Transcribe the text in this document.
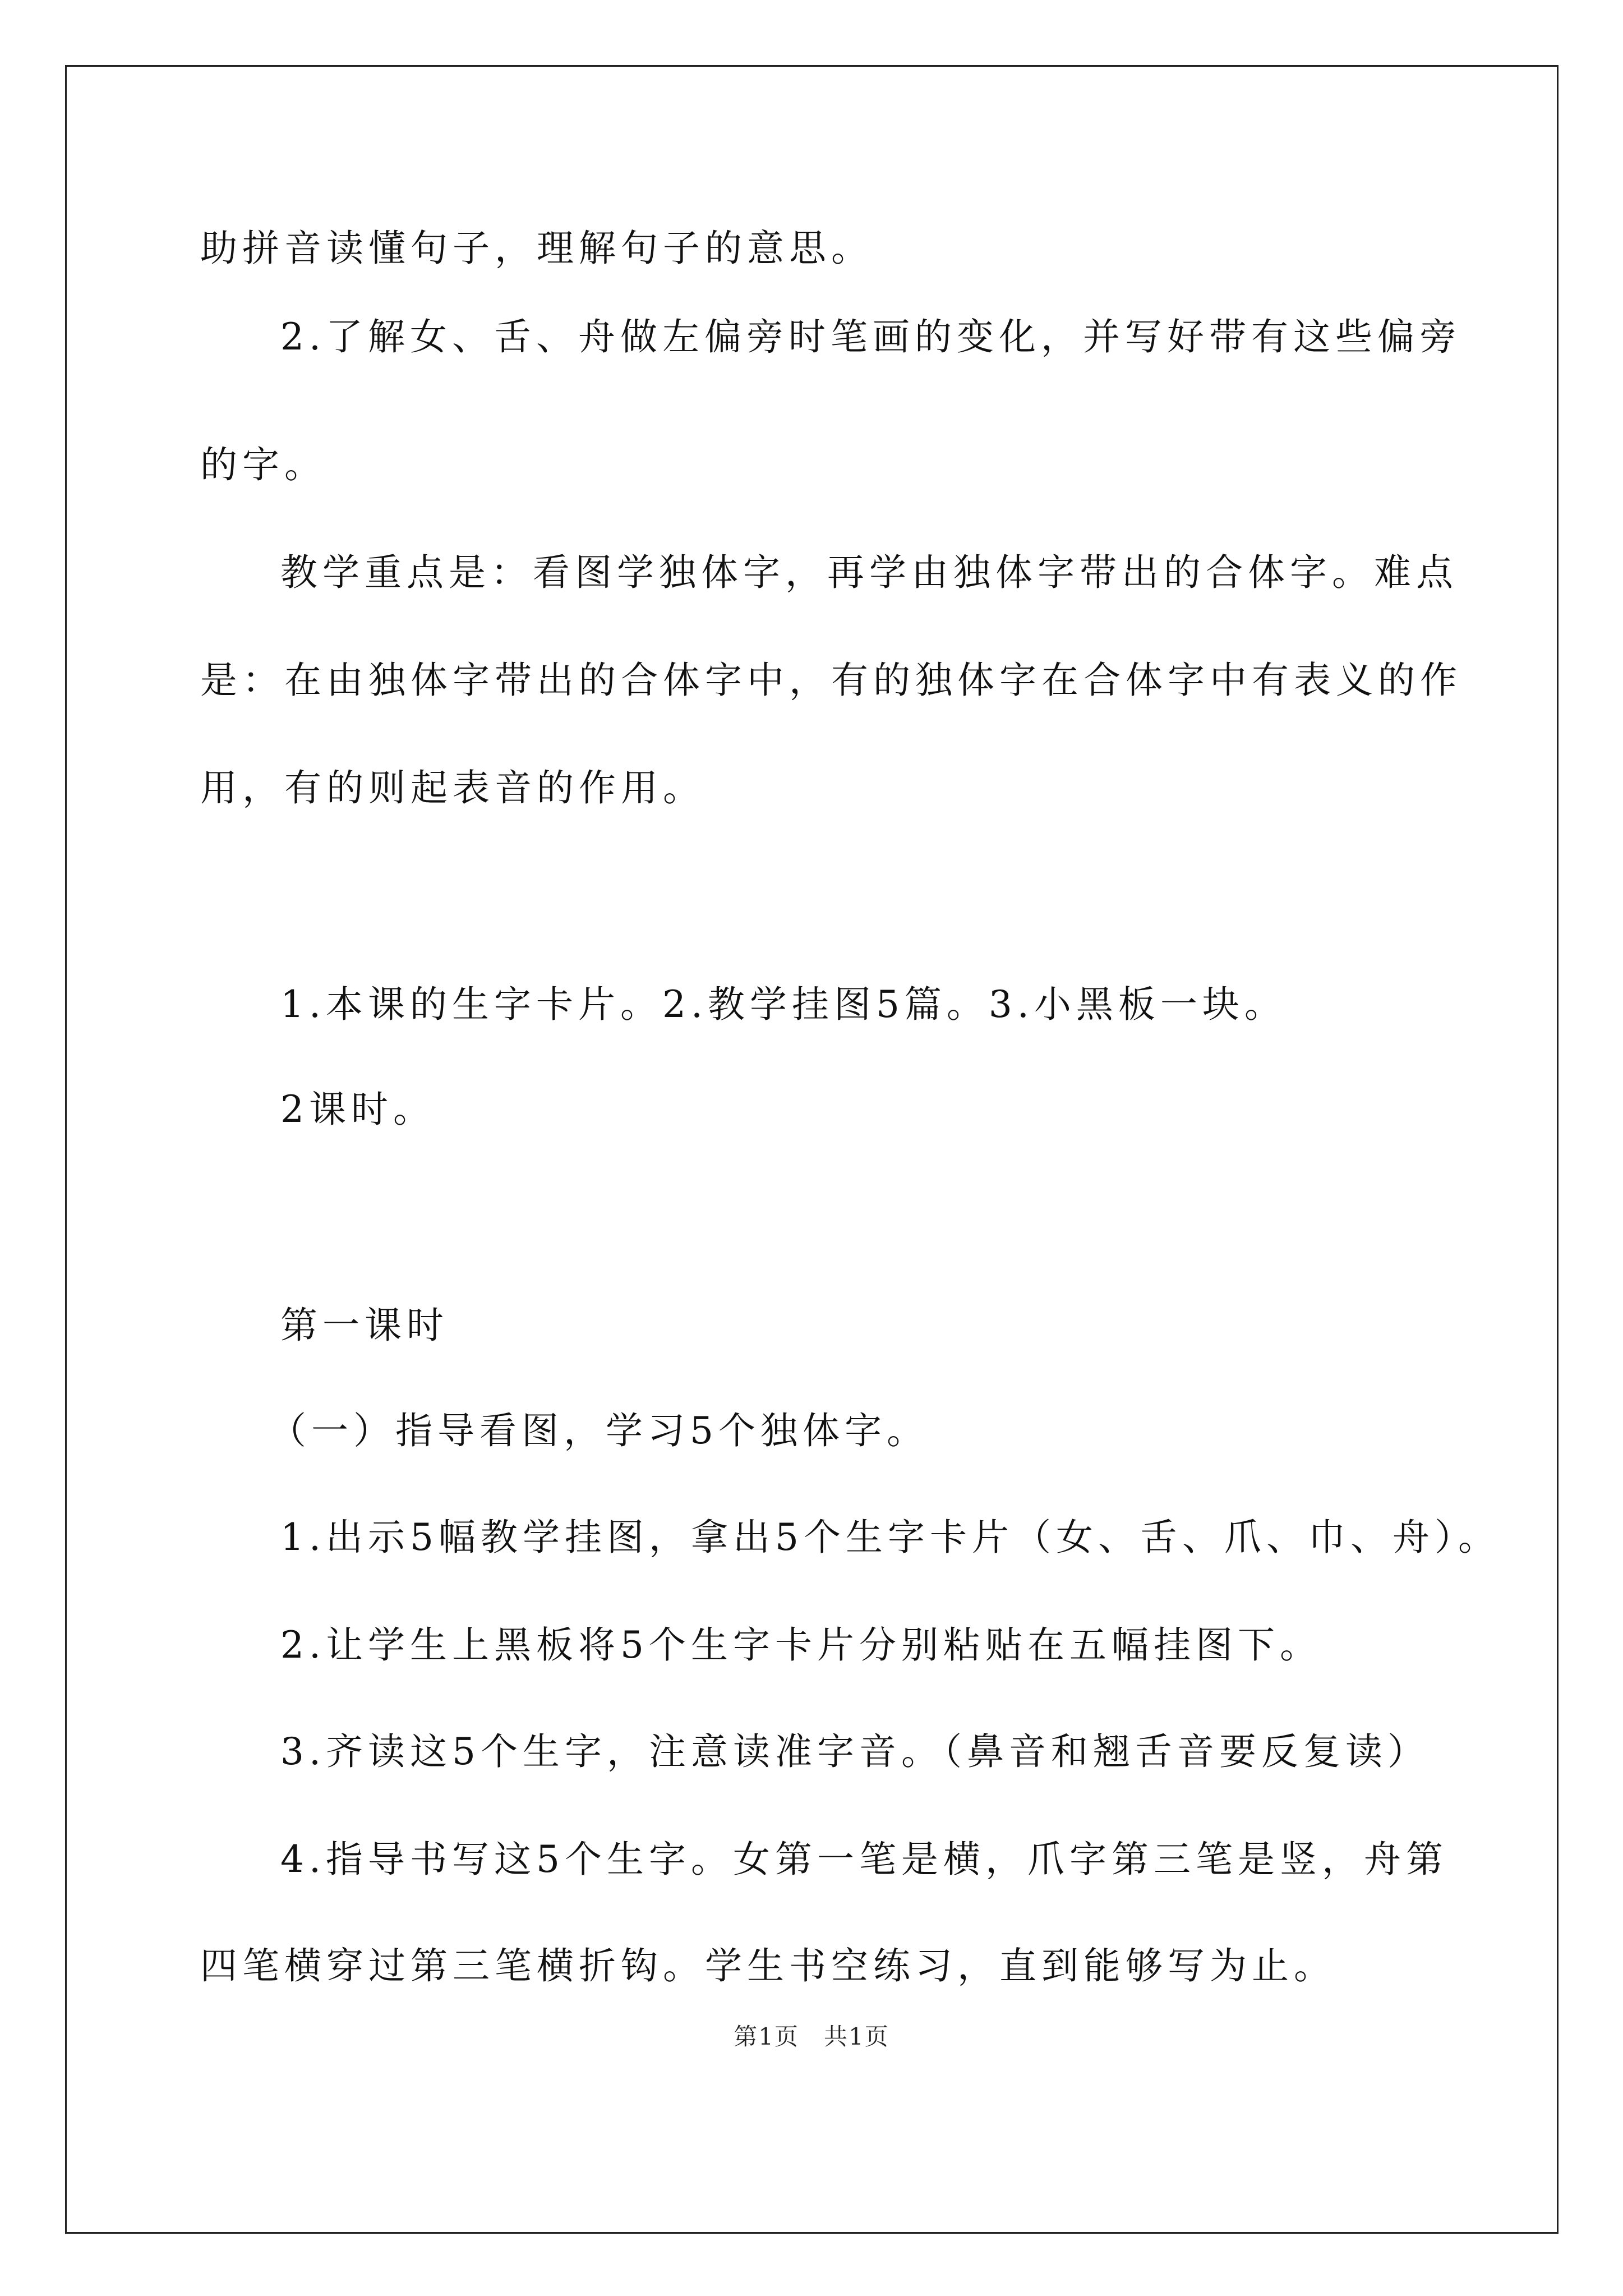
助拼音读懂句子，理解句子的意思。
2.了解女、舌、舟做左偏旁时笔画的变化，并写好带有这些偏旁
的字。
教学重点是：看图学独体字，再学由独体字带出的合体字。难点
是：在由独体字带出的合体字中，有的独体字在合体字中有表义的作
用，有的则起表音的作用。
1.本课的生字卡片。2.教学挂图5篇。3.小黑板一块。
2课时。
第一课时
（一）指导看图，学习5个独体字。
1.出示5幅教学挂图，拿出5个生字卡片（女、舌、爪、巾、舟）。
2.让学生上黑板将5个生字卡片分别粘贴在五幅挂图下。
3.齐读这5个生字，注意读准字音。（鼻音和翘舌音要反复读）
4.指导书写这5个生字。女第一笔是横，爪字第三笔是竖，舟第
四笔横穿过第三笔横折钩。学生书空练习，直到能够写为止。
第1页　共1页
